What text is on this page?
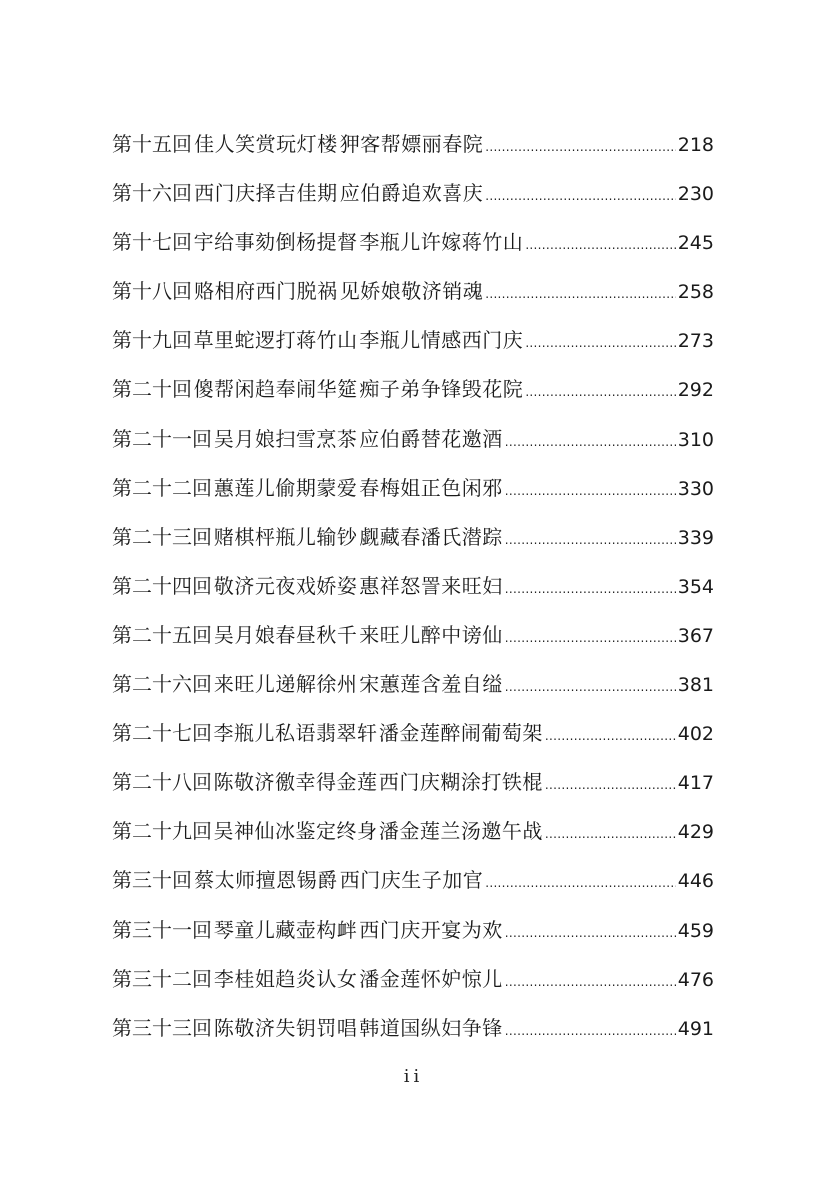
第十五回 佳人笑赏玩灯楼 狎客帮嫖丽春院 .....	218
第十六回 西门庆择吉佳期 应伯爵追欢喜庆 .....	230
第十七回 宇给事劾倒杨提督 李瓶儿许嫁蒋竹山 .....	245
第十八回 赂相府西门脱祸 见娇娘敬济销魂 .....	258
第十九回 草里蛇逻打蒋竹山 李瓶儿情感西门庆 .....	273
第二十回 傻帮闲趋奉闹华筵 痴子弟争锋毁花院 .....	292
第二十一回 吴月娘扫雪烹茶 应伯爵替花邀酒 .....	310
第二十二回 蕙莲儿偷期蒙爱 春梅姐正色闲邪 .....	330
第二十三回 赌棋枰瓶儿输钞 觑藏春潘氏潜踪 .....	339
第二十四回 敬济元夜戏娇姿 惠祥怒詈来旺妇 .....	354
第二十五回 吴月娘春昼秋千 来旺儿醉中谤仙 .....	367
第二十六回 来旺儿递解徐州 宋蕙莲含羞自缢 .....	381
第二十七回 李瓶儿私语翡翠轩 潘金莲醉闹葡萄架 .....	402
第二十八回 陈敬济徼幸得金莲 西门庆糊涂打铁棍 .....	417
第二十九回 吴神仙冰鉴定终身 潘金莲兰汤邀午战 .....	429
第三十回 蔡太师擅恩锡爵 西门庆生子加官 .....	446
第三十一回 琴童儿藏壶构衅 西门庆开宴为欢 .....	459
第三十二回 李桂姐趋炎认女 潘金莲怀妒惊儿 .....	476
第三十三回 陈敬济失钥罚唱 韩道国纵妇争锋 .....	491
ii
